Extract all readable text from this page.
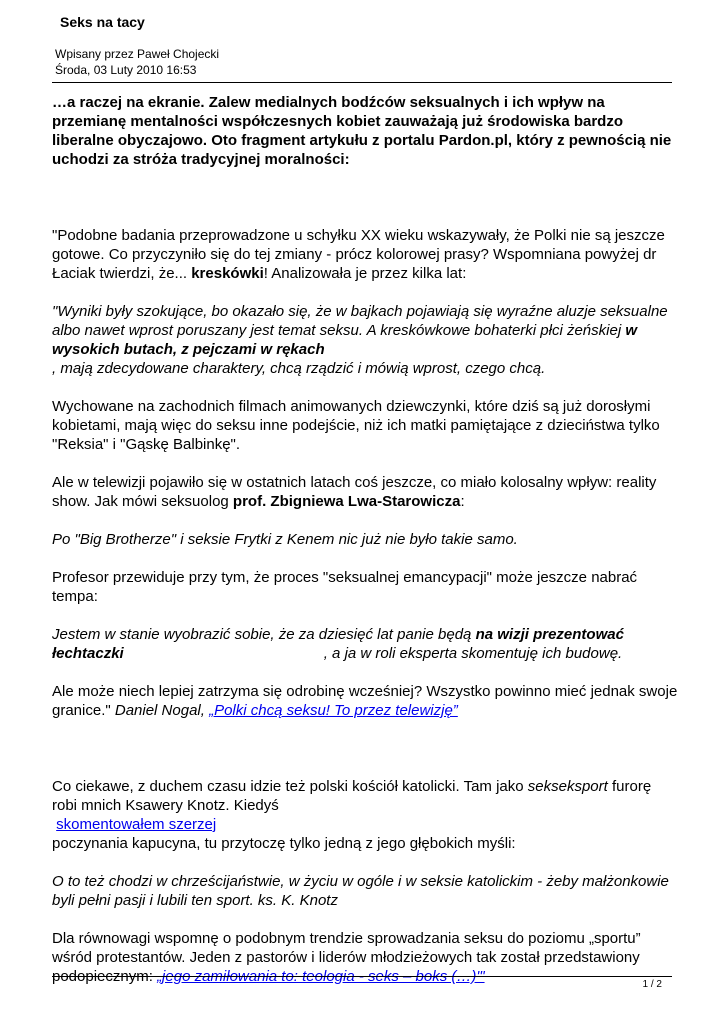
Seks na tacy
Wpisany przez Paweł Chojecki
Środa, 03 Luty 2010 16:53

…a raczej na ekranie. Zalew medialnych bodźców seksualnych i ich wpływ na przemianę mentalności współczesnych kobiet zauważają już środowiska bardzo liberalne obyczajowo. Oto fragment artykułu z portalu Pardon.pl, który z pewnością nie uchodzi za stróża tradycyjnej moralności:

"Podobne badania przeprowadzone u schyłku XX wieku wskazywały, że Polki nie są jeszcze gotowe. Co przyczyniło się do tej zmiany - prócz kolorowej prasy? Wspomniana powyżej dr Łaciak twierdzi, że... kreskówki! Analizowała je przez kilka lat:

"Wyniki były szokujące, bo okazało się, że w bajkach pojawiają się wyraźne aluzje seksualne albo nawet wprost poruszany jest temat seksu. A kreskówkowe bohaterki płci żeńskiej w wysokich butach, z pejczami w rękach
, mają zdecydowane charaktery, chcą rządzić i mówią wprost, czego chcą.

Wychowane na zachodnich filmach animowanych dziewczynki, które dziś są już dorosłymi kobietami, mają więc do seksu inne podejście, niż ich matki pamiętające z dzieciństwa tylko "Reksia" i "Gąskę Balbinkę".

Ale w telewizji pojawiło się w ostatnich latach coś jeszcze, co miało kolosalny wpływ: reality show. Jak mówi seksuolog prof. Zbigniewa Lwa-Starowicza:

Po "Big Brotherze" i seksie Frytki z Kenem nic już nie było takie samo.

Profesor przewiduje przy tym, że proces "seksualnej emancypacji" może jeszcze nabrać tempa:

Jestem w stanie wyobrazić sobie, że za dziesięć lat panie będą na wizji prezentować łechtaczki	, a ja w roli eksperta skomentuję ich budowę.

Ale może niech lepiej zatrzyma się odrobinę wcześniej? Wszystko powinno mieć jednak swoje granice." Daniel Nogal, „Polki chcą seksu! To przez telewizję”

Co ciekawe, z duchem czasu idzie też polski kościół katolicki. Tam jako sekseksport furorę robi mnich Ksawery Knotz. Kiedyś
skomentowałem szerzej
poczynania kapucyna, tu przytoczę tylko jedną z jego głębokich myśli:

O to też chodzi w chrześcijaństwie, w życiu w ogóle i w seksie katolickim - żeby małżonkowie byli pełni pasji i lubili ten sport. ks. K. Knotz

Dla równowagi wspomnę o podobnym trendzie sprowadzania seksu do poziomu „sportu” wśród protestantów. Jeden z pastorów i liderów młodzieżowych tak został przedstawiony podopiecznym: „jego zamiłowania to: teologia - seks – boks (…)'"	1 / 2
